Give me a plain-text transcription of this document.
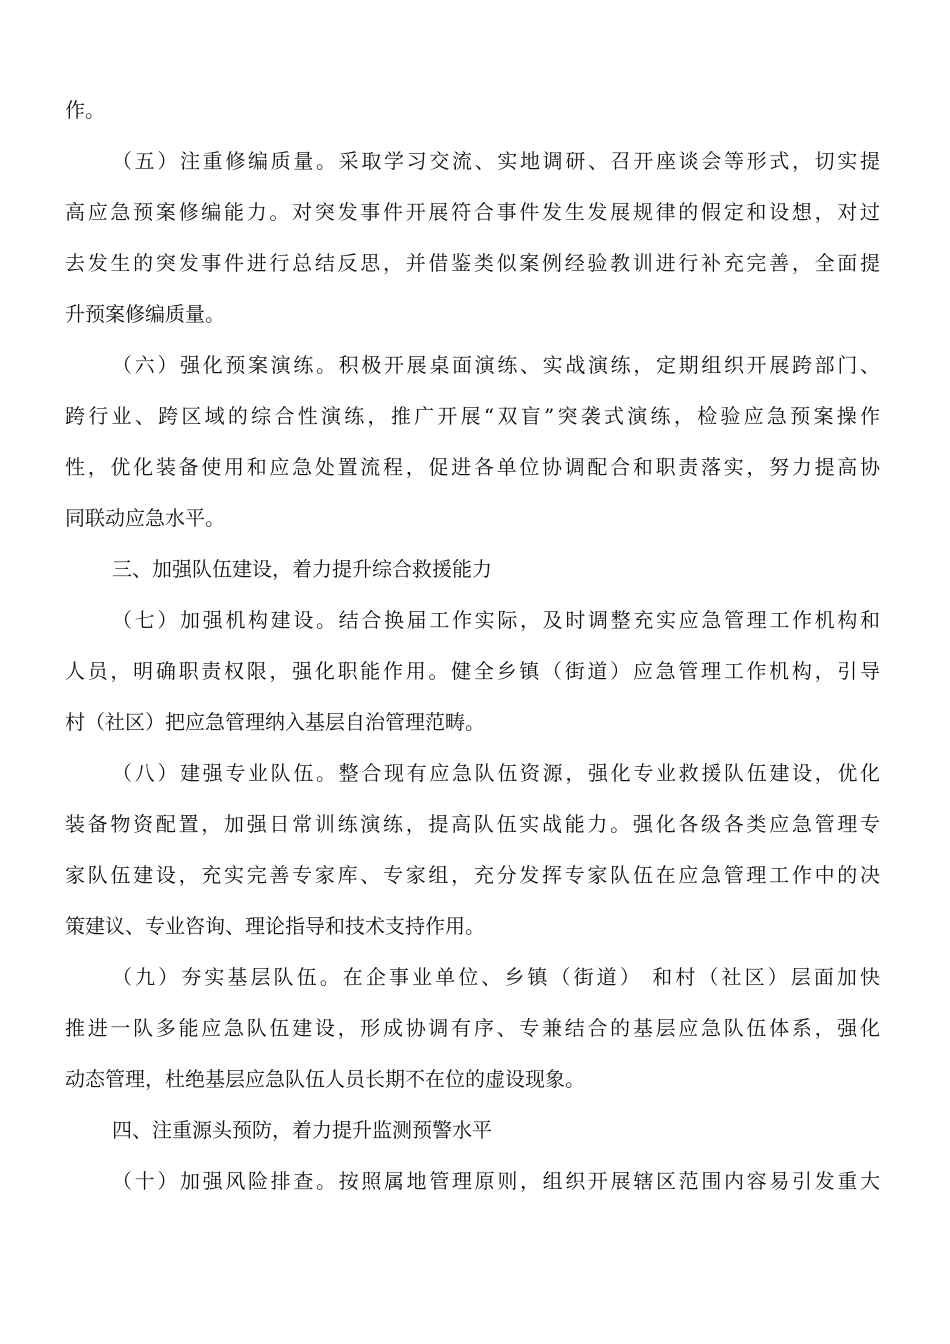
作。
（五）注重修编质量。采取学习交流、实地调研、召开座谈会等形式，切实提
高应急预案修编能力。对突发事件开展符合事件发生发展规律的假定和设想，对过
去发生的突发事件进行总结反思，并借鉴类似案例经验教训进行补充完善，全面提
升预案修编质量。
（六）强化预案演练。积极开展桌面演练、实战演练，定期组织开展跨部门、
跨行业、跨区域的综合性演练，推广开展“双盲”突袭式演练，检验应急预案操作
性，优化装备使用和应急处置流程，促进各单位协调配合和职责落实，努力提高协
同联动应急水平。
三、加强队伍建设，着力提升综合救援能力
（七）加强机构建设。结合换届工作实际，及时调整充实应急管理工作机构和
人员，明确职责权限，强化职能作用。健全乡镇（街道）应急管理工作机构，引导
村（社区）把应急管理纳入基层自治管理范畴。
（八）建强专业队伍。整合现有应急队伍资源，强化专业救援队伍建设，优化
装备物资配置，加强日常训练演练，提高队伍实战能力。强化各级各类应急管理专
家队伍建设，充实完善专家库、专家组，充分发挥专家队伍在应急管理工作中的决
策建议、专业咨询、理论指导和技术支持作用。
（九）夯实基层队伍。在企事业单位、乡镇（街道） 和村（社区）层面加快
推进一队多能应急队伍建设，形成协调有序、专兼结合的基层应急队伍体系，强化
动态管理，杜绝基层应急队伍人员长期不在位的虚设现象。
四、注重源头预防，着力提升监测预警水平
（十）加强风险排查。按照属地管理原则，组织开展辖区范围内容易引发重大
